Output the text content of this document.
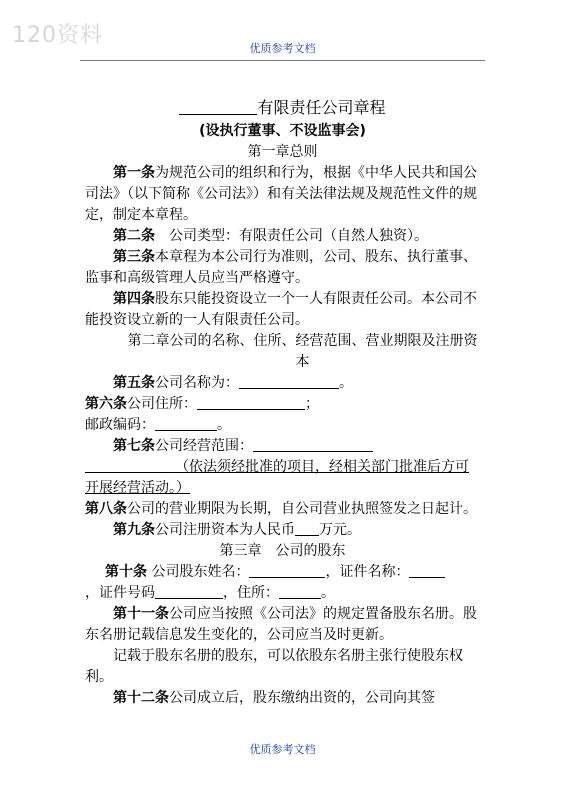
120资料
优质参考文档

有限责任公司章程

(设执行董事、不设监事会)

第一章总则

第一条为规范公司的组织和行为，根据《中华人民共和国公司法》（以下简称《公司法》）和有关法律法规及规范性文件的规定，制定本章程。

第二条　公司类型：有限责任公司（自然人独资）。

第三条本章程为本公司行为准则，公司、股东、执行董事、监事和高级管理人员应当严格遵守。

第四条股东只能投资设立一个一人有限责任公司。本公司不能投资设立新的一人有限责任公司。

第二章公司的名称、住所、经营范围、营业期限及注册资本

第五条公司名称为：	。

第六条公司住所：	；

邮政编码：	。

第七条公司经营范围：

（依法须经批准的项目，经相关部门批准后方可开展经营活动。）

第八条公司的营业期限为长期，自公司营业执照签发之日起计。

第九条公司注册资本为人民币 万元。

第三章　公司的股东

第十条 公司股东姓名：	，证件名称：

，证件号码	，住所：	。

第十一条公司应当按照《公司法》的规定置备股东名册。股东名册记载信息发生变化的，公司应当及时更新。

记载于股东名册的股东，可以依股东名册主张行使股东权利。

第十二条公司成立后，股东缴纳出资的，公司向其签

优质参考文档
